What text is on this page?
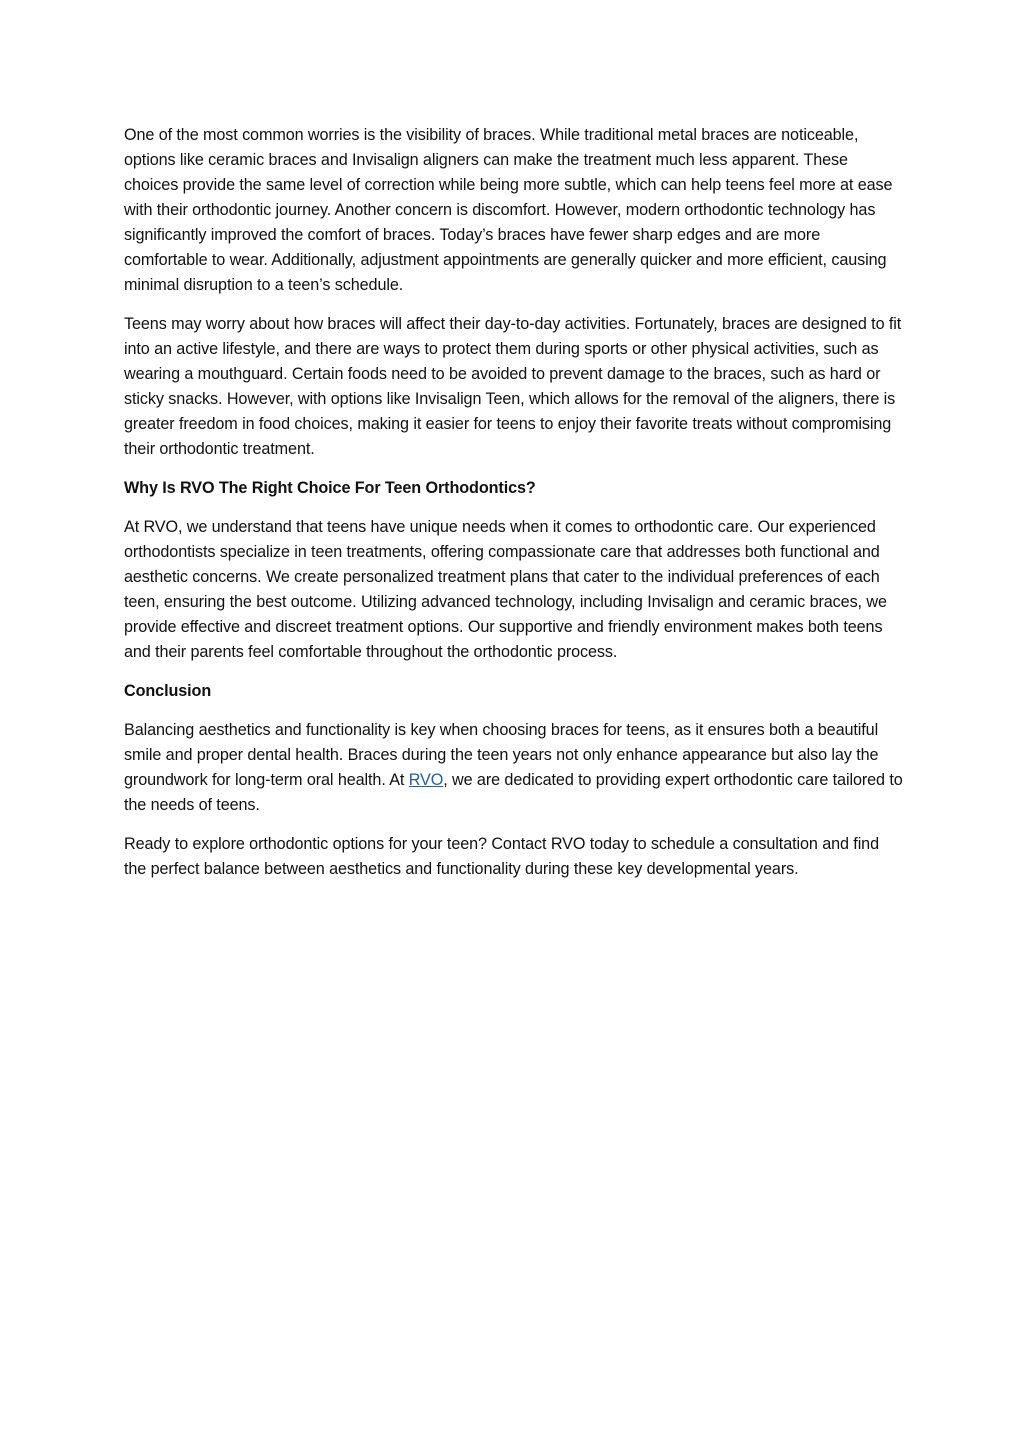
One of the most common worries is the visibility of braces. While traditional metal braces are noticeable, options like ceramic braces and Invisalign aligners can make the treatment much less apparent. These choices provide the same level of correction while being more subtle, which can help teens feel more at ease with their orthodontic journey. Another concern is discomfort. However, modern orthodontic technology has significantly improved the comfort of braces. Today’s braces have fewer sharp edges and are more comfortable to wear. Additionally, adjustment appointments are generally quicker and more efficient, causing minimal disruption to a teen’s schedule.

Teens may worry about how braces will affect their day-to-day activities. Fortunately, braces are designed to fit into an active lifestyle, and there are ways to protect them during sports or other physical activities, such as wearing a mouthguard. Certain foods need to be avoided to prevent damage to the braces, such as hard or sticky snacks. However, with options like Invisalign Teen, which allows for the removal of the aligners, there is greater freedom in food choices, making it easier for teens to enjoy their favorite treats without compromising their orthodontic treatment.

Why Is RVO The Right Choice For Teen Orthodontics?

At RVO, we understand that teens have unique needs when it comes to orthodontic care. Our experienced orthodontists specialize in teen treatments, offering compassionate care that addresses both functional and aesthetic concerns. We create personalized treatment plans that cater to the individual preferences of each teen, ensuring the best outcome. Utilizing advanced technology, including Invisalign and ceramic braces, we provide effective and discreet treatment options. Our supportive and friendly environment makes both teens and their parents feel comfortable throughout the orthodontic process.

Conclusion

Balancing aesthetics and functionality is key when choosing braces for teens, as it ensures both a beautiful smile and proper dental health. Braces during the teen years not only enhance appearance but also lay the groundwork for long-term oral health. At RVO, we are dedicated to providing expert orthodontic care tailored to the needs of teens.

Ready to explore orthodontic options for your teen? Contact RVO today to schedule a consultation and find the perfect balance between aesthetics and functionality during these key developmental years.
